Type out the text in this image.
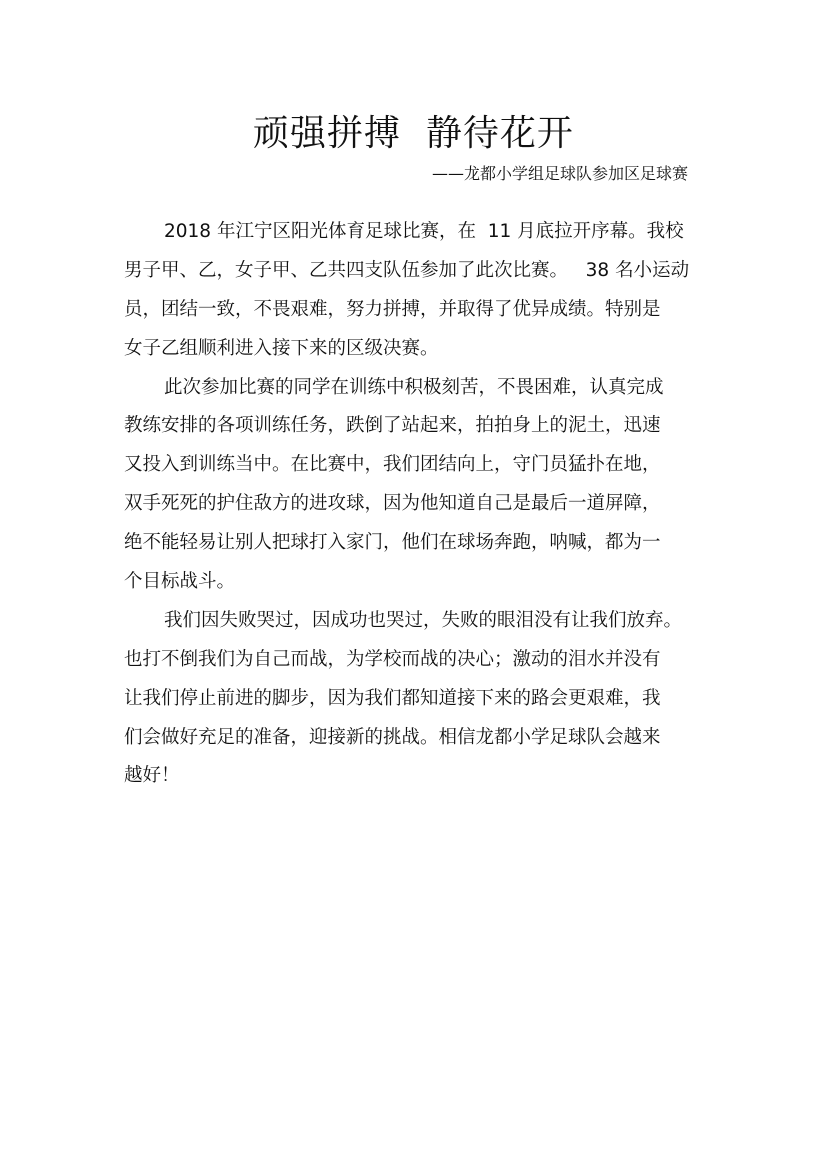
顽强拼搏  静待花开
——龙都小学组足球队参加区足球赛
2018 年江宁区阳光体育足球比赛，在  11 月底拉开序幕。我校
男子甲、乙，女子甲、乙共四支队伍参加了此次比赛。   38 名小运动
员，团结一致，不畏艰难，努力拼搏，并取得了优异成绩。特别是
女子乙组顺利进入接下来的区级决赛。
此次参加比赛的同学在训练中积极刻苦，不畏困难，认真完成
教练安排的各项训练任务，跌倒了站起来，拍拍身上的泥土，迅速
又投入到训练当中。在比赛中，我们团结向上，守门员猛扑在地，
双手死死的护住敌方的进攻球，因为他知道自己是最后一道屏障，
绝不能轻易让别人把球打入家门，他们在球场奔跑，呐喊，都为一
个目标战斗。
我们因失败哭过，因成功也哭过，失败的眼泪没有让我们放弃。
也打不倒我们为自己而战，为学校而战的决心；激动的泪水并没有
让我们停止前进的脚步，因为我们都知道接下来的路会更艰难，我
们会做好充足的准备，迎接新的挑战。相信龙都小学足球队会越来
越好！
